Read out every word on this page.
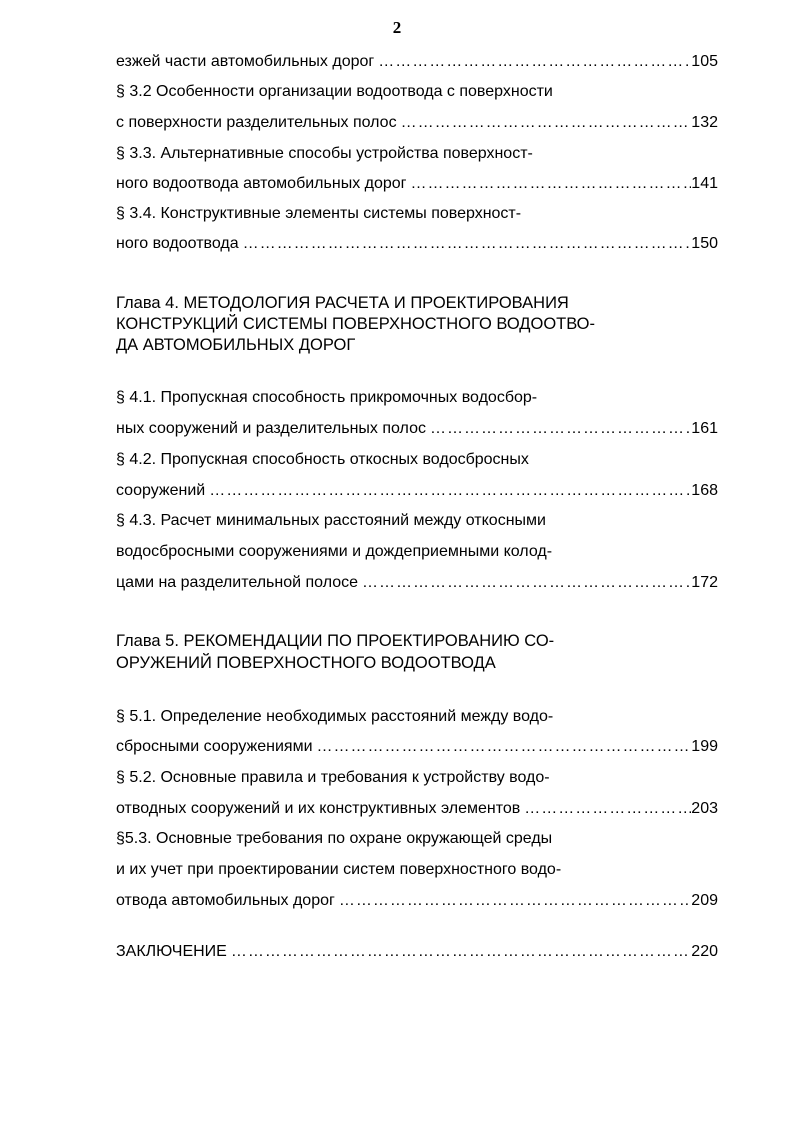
2
езжей части автомобильных дорог ……………………………………………………………………………………………………………………………………………………………………	105
§ 3.2 Особенности организации водоотвода с поверхности
с поверхности разделительных полос ……………………………………………………………………………………………………………………………………………………………………	132
§ 3.3. Альтернативные способы устройства поверхност-
ного водоотвода автомобильных дорог ……………………………………………………………………………………………………………………………………………………………………	141
§ 3.4. Конструктивные элементы системы поверхност-
ного водоотвода ……………………………………………………………………………………………………………………………………………………………………	150
Глава 4. МЕТОДОЛОГИЯ РАСЧЕТА И ПРОЕКТИРОВАНИЯ
КОНСТРУКЦИЙ СИСТЕМЫ ПОВЕРХНОСТНОГО ВОДООТВО-
ДА АВТОМОБИЛЬНЫХ ДОРОГ
§ 4.1. Пропускная способность прикромочных водосбор-
ных сооружений и разделительных полос ……………………………………………………………………………………………………………………………………………………………………	161
§ 4.2. Пропускная способность откосных водосбросных
сооружений ……………………………………………………………………………………………………………………………………………………………………	168
§ 4.3. Расчет минимальных расстояний между откосными
водосбросными сооружениями и дождеприемными колод-
цами на разделительной полосе ……………………………………………………………………………………………………………………………………………………………………	172
Глава 5. РЕКОМЕНДАЦИИ ПО ПРОЕКТИРОВАНИЮ СО-
ОРУЖЕНИЙ ПОВЕРХНОСТНОГО ВОДООТВОДА
§ 5.1. Определение необходимых расстояний между водо-
сбросными сооружениями ……………………………………………………………………………………………………………………………………………………………………	199
§ 5.2. Основные правила и требования к устройству водо-
отводных сооружений и их конструктивных элементов ……………………………………………………………………………………………………………………………………………………………………	203
§5.3. Основные требования по охране окружающей среды
и их учет при проектировании систем поверхностного водо-
отвода автомобильных дорог ……………………………………………………………………………………………………………………………………………………………………	209
ЗАКЛЮЧЕНИЕ ……………………………………………………………………………………………………………………………………………………………………	220
